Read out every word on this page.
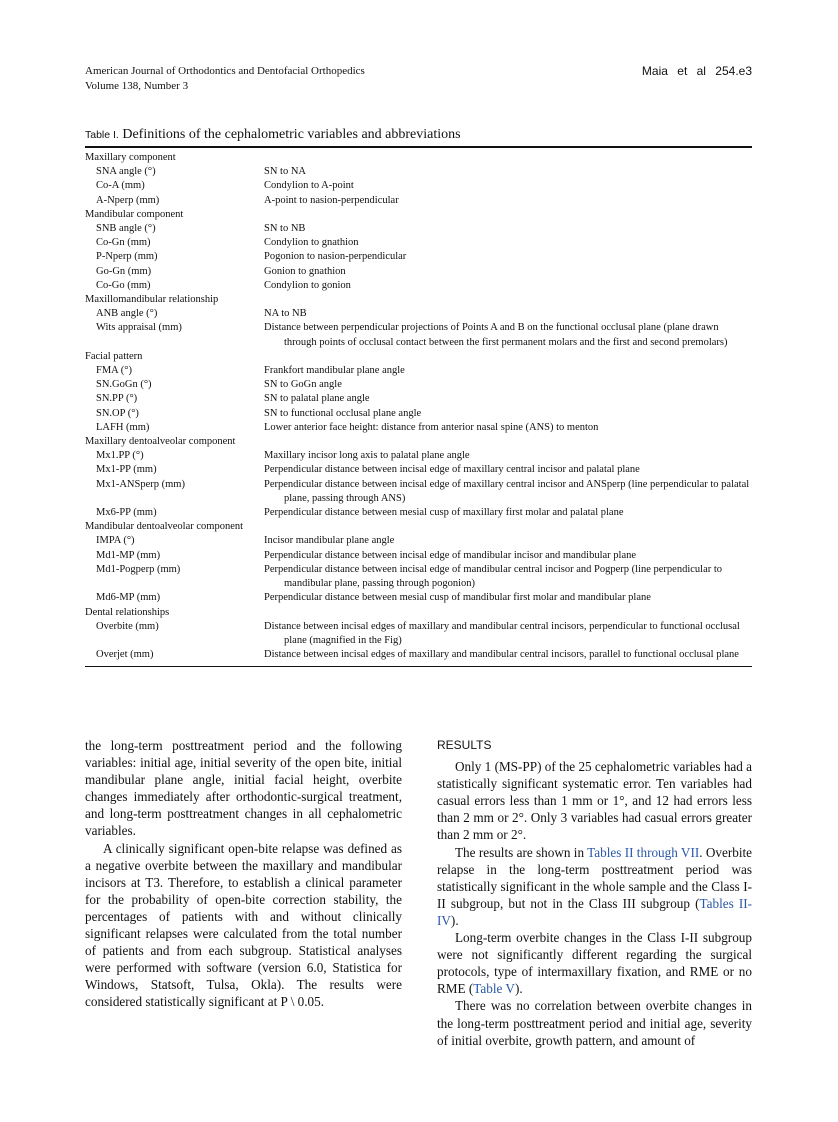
American Journal of Orthodontics and Dentofacial Orthopedics
Volume 138, Number 3
Maia et al 254.e3
Table I. Definitions of the cephalometric variables and abbreviations
Maxillary component
SNA angle (°)	SN to NA
Co-A (mm)	Condylion to A-point
A-Nperp (mm)	A-point to nasion-perpendicular
Mandibular component
SNB angle (°)	SN to NB
Co-Gn (mm)	Condylion to gnathion
P-Nperp (mm)	Pogonion to nasion-perpendicular
Go-Gn (mm)	Gonion to gnathion
Co-Go (mm)	Condylion to gonion
Maxillomandibular relationship
ANB angle (°)	NA to NB
Wits appraisal (mm)	Distance between perpendicular projections of Points A and B on the functional occlusal plane (plane drawn through points of occlusal contact between the first permanent molars and the first and second premolars)
Facial pattern
FMA (°)	Frankfort mandibular plane angle
SN.GoGn (°)	SN to GoGn angle
SN.PP (°)	SN to palatal plane angle
SN.OP (°)	SN to functional occlusal plane angle
LAFH (mm)	Lower anterior face height: distance from anterior nasal spine (ANS) to menton
Maxillary dentoalveolar component
Mx1.PP (°)	Maxillary incisor long axis to palatal plane angle
Mx1-PP (mm)	Perpendicular distance between incisal edge of maxillary central incisor and palatal plane
Mx1-ANSperp (mm)	Perpendicular distance between incisal edge of maxillary central incisor and ANSperp (line perpendicular to palatal plane, passing through ANS)
Mx6-PP (mm)	Perpendicular distance between mesial cusp of maxillary first molar and palatal plane
Mandibular dentoalveolar component
IMPA (°)	Incisor mandibular plane angle
Md1-MP (mm)	Perpendicular distance between incisal edge of mandibular incisor and mandibular plane
Md1-Pogperp (mm)	Perpendicular distance between incisal edge of mandibular central incisor and Pogperp (line perpendicular to mandibular plane, passing through pogonion)
Md6-MP (mm)	Perpendicular distance between mesial cusp of mandibular first molar and mandibular plane
Dental relationships
Overbite (mm)	Distance between incisal edges of maxillary and mandibular central incisors, perpendicular to functional occlusal plane (magnified in the Fig)
Overjet (mm)	Distance between incisal edges of maxillary and mandibular central incisors, parallel to functional occlusal plane

the long-term posttreatment period and the following variables: initial age, initial severity of the open bite, initial mandibular plane angle, initial facial height, overbite changes immediately after orthodontic-surgical treatment, and long-term posttreatment changes in all cephalometric variables.

A clinically significant open-bite relapse was defined as a negative overbite between the maxillary and mandibular incisors at T3. Therefore, to establish a clinical parameter for the probability of open-bite correction stability, the percentages of patients with and without clinically significant relapses were calculated from the total number of patients and from each subgroup. Statistical analyses were performed with software (version 6.0, Statistica for Windows, Statsoft, Tulsa, Okla). The results were considered statistically significant at P \ 0.05.

RESULTS

Only 1 (MS-PP) of the 25 cephalometric variables had a statistically significant systematic error. Ten variables had casual errors less than 1 mm or 1°, and 12 had errors less than 2 mm or 2°. Only 3 variables had casual errors greater than 2 mm or 2°.

The results are shown in Tables II through VII. Overbite relapse in the long-term posttreatment period was statistically significant in the whole sample and the Class I-II subgroup, but not in the Class III subgroup (Tables II-IV).

Long-term overbite changes in the Class I-II subgroup were not significantly different regarding the surgical protocols, type of intermaxillary fixation, and RME or no RME (Table V).

There was no correlation between overbite changes in the long-term posttreatment period and initial age, severity of initial overbite, growth pattern, and amount of
